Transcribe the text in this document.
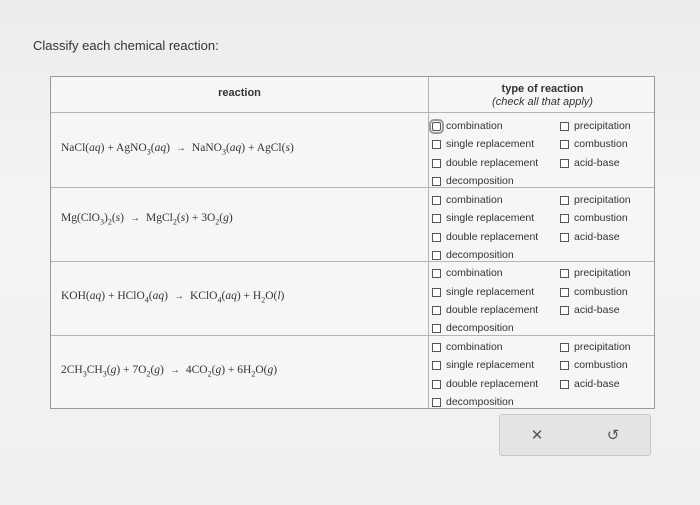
Classify each chemical reaction:
reaction	type of reaction
(check all that apply)
NaCl(aq) + AgNO$_3$(aq) → NaNO$_3$(aq) + AgCl(s)
$Mg(ClO_3)_2(s)$ → MgCl$_2$(s) + $3O_2(g)$
KOH(aq) + HClO$_4$(aq) → KClO$_4$(aq) + $H_2O(l)$
$2CH_3CH_3(g) + 7O_2(g) \to 4CO_2(g) + 6H_2O(g)$
combination
single replacement
double replacement
decomposition
precipitation
combustion
acid-base
combination
single replacement
double replacement
decomposition
precipitation
combustion
acid-base
combination
single replacement
double replacement
decomposition
precipitation
combustion
acid-base
combination
single replacement
double replacement
decomposition
precipitation
combustion
acid-base
✕	↺
